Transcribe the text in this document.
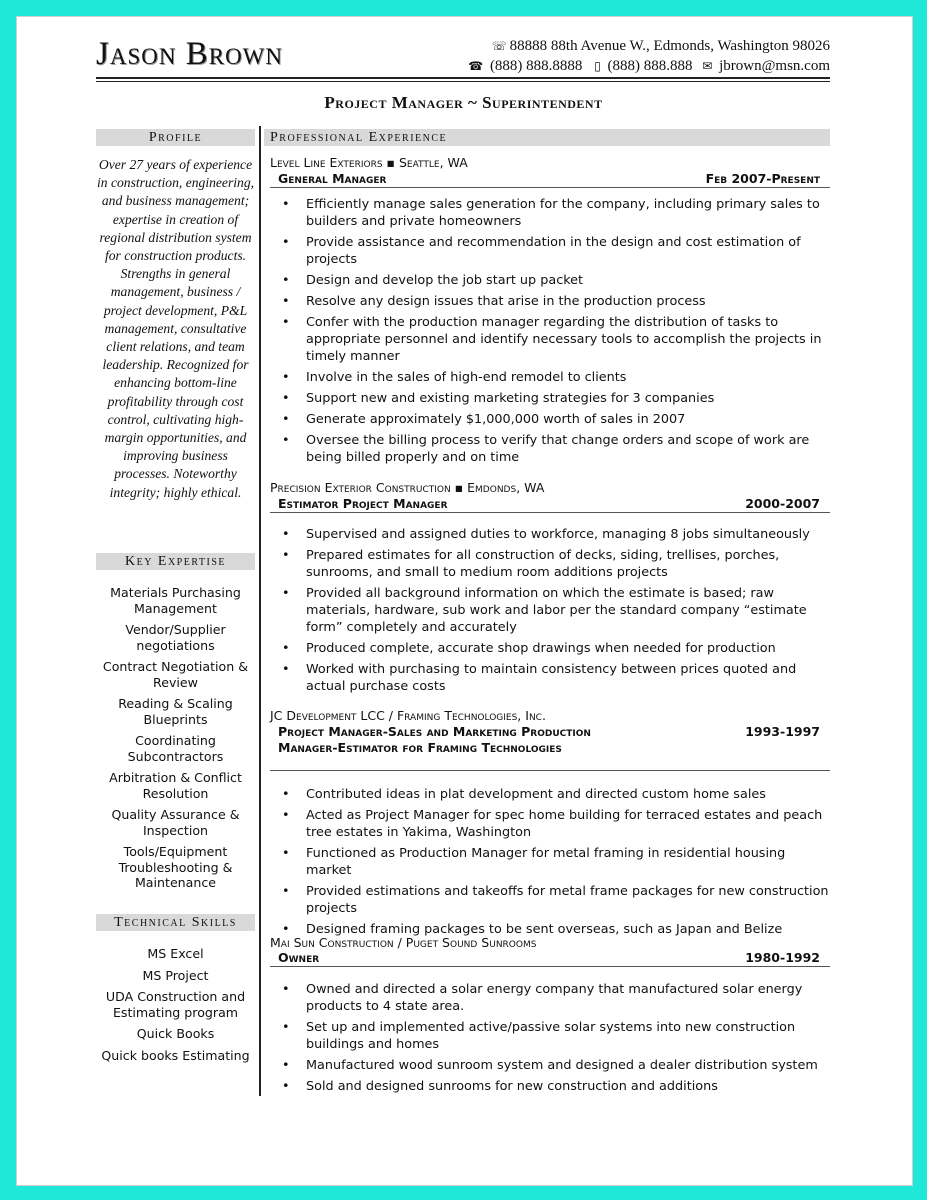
Jason Brown	☏ 88888 88th Avenue W., Edmonds, Washington 98026
☎ (888) 888.8888 ▯ (888) 888.888 ✉ jbrown@msn.com
Project Manager ~ Superintendent
Profile
Over 27 years of experience in construction, engineering, and business management; expertise in creation of regional distribution system for construction products. Strengths in general management, business / project development, P&L management, consultative client relations, and team leadership. Recognized for enhancing bottom-line profitability through cost control, cultivating high-margin opportunities, and improving business processes. Noteworthy integrity; highly ethical.
Key Expertise

Materials Purchasing Management

Vendor/Supplier negotiations

Contract Negotiation & Review

Reading & Scaling Blueprints

Coordinating Subcontractors

Arbitration & Conflict Resolution

Quality Assurance & Inspection

Tools/Equipment Troubleshooting & Maintenance

Technical Skills

MS Excel

MS Project

UDA Construction and Estimating program

Quick Books

Quick books Estimating

Professional Experience
Level Line Exteriors ▪ Seattle, WA
General Manager	Feb 2007-Present
• Efficiently manage sales generation for the company, including primary sales to builders and private homeowners
• Provide assistance and recommendation in the design and cost estimation of projects
• Design and develop the job start up packet
• Resolve any design issues that arise in the production process
• Confer with the production manager regarding the distribution of tasks to appropriate personnel and identify necessary tools to accomplish the projects in timely manner
• Involve in the sales of high-end remodel to clients
• Support new and existing marketing strategies for 3 companies
• Generate approximately $1,000,000 worth of sales in 2007
• Oversee the billing process to verify that change orders and scope of work are being billed properly and on time
Precision Exterior Construction ▪ Emdonds, WA
Estimator Project Manager	2000-2007
• Supervised and assigned duties to workforce, managing 8 jobs simultaneously
• Prepared estimates for all construction of decks, siding, trellises, porches, sunrooms, and small to medium room additions projects
• Provided all background information on which the estimate is based; raw materials, hardware, sub work and labor per the standard company “estimate form” completely and accurately
• Produced complete, accurate shop drawings when needed for production
• Worked with purchasing to maintain consistency between prices quoted and actual purchase costs
JC Development LCC / Framing Technologies, Inc.
Project Manager-Sales and Marketing Production Manager-Estimator for Framing Technologies
1993-1997
• Contributed ideas in plat development and directed custom home sales
• Acted as Project Manager for spec home building for terraced estates and peach tree estates in Yakima, Washington
• Functioned as Production Manager for metal framing in residential housing market
• Provided estimations and takeoffs for metal frame packages for new construction projects
• Designed framing packages to be sent overseas, such as Japan and Belize
Mai Sun Construction / Puget Sound Sunrooms
Owner	1980-1992
• Owned and directed a solar energy company that manufactured solar energy products to 4 state area.
• Set up and implemented active/passive solar systems into new construction buildings and homes
• Manufactured wood sunroom system and designed a dealer distribution system
• Sold and designed sunrooms for new construction and additions
